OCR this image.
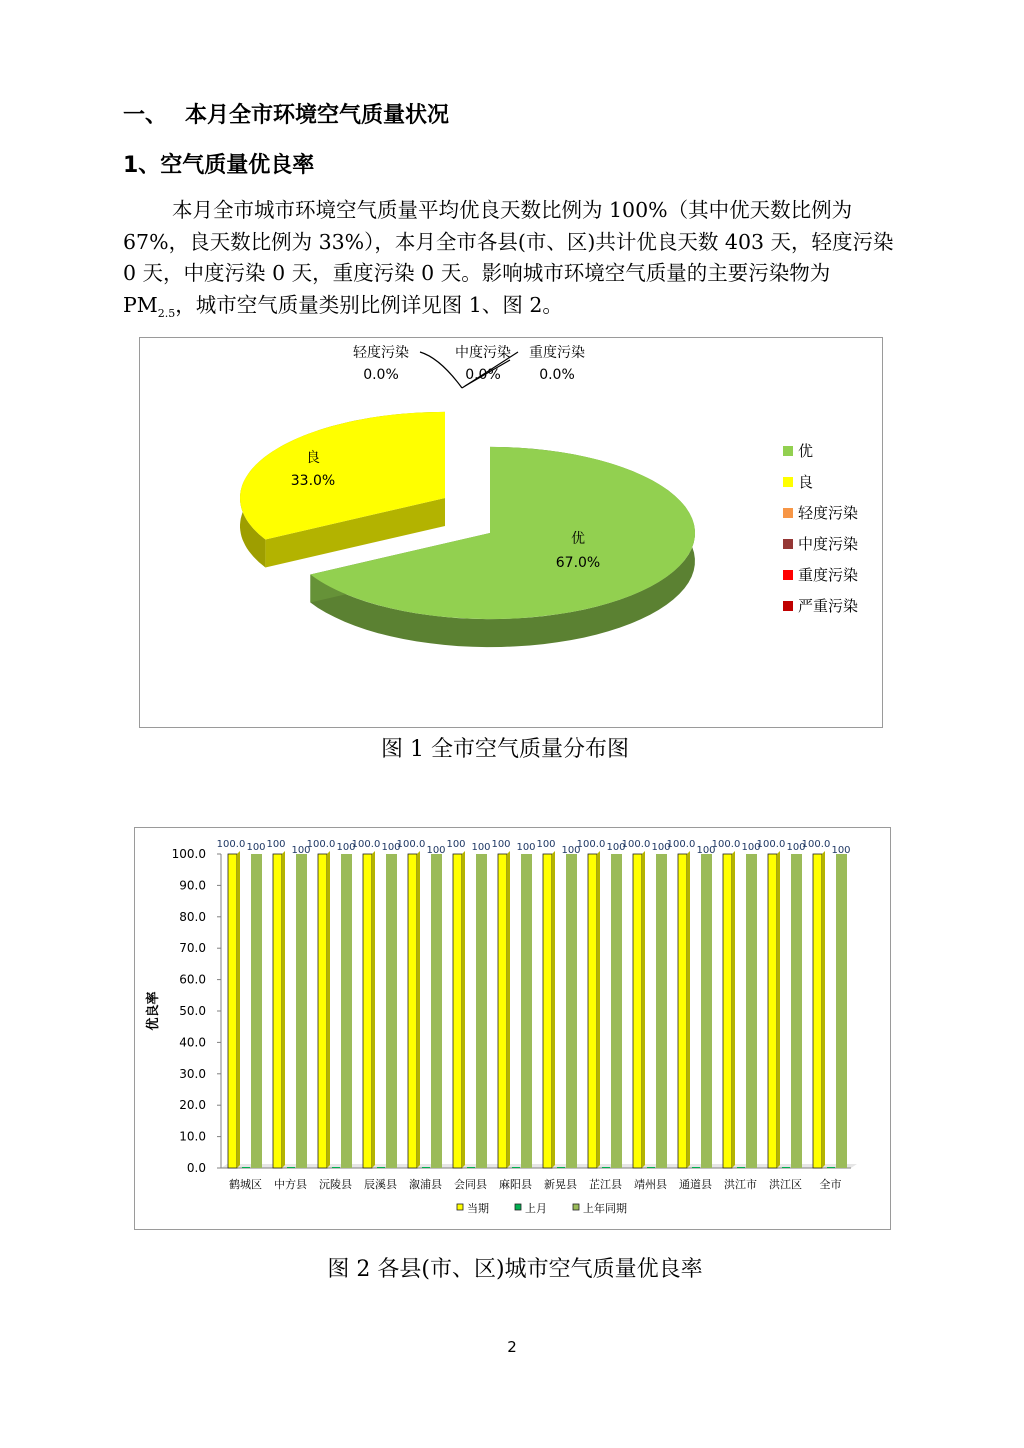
一、 本月全市环境空气质量状况
1、空气质量优良率

本月全市城市环境空气质量平均优良天数比例为 100%（其中优天数比例为 67%，良天数比例为 33%），本月全市各县(市、区)共计优良天数 403 天，轻度污染 0 天，中度污染 0 天，重度污染 0 天。影响城市环境空气质量的主要污染物为 $PM_{2.5}$，城市空气质量类别比例详见图 1、图 2。

优
67.0%
良
33.0%
轻度污染
0.0%
中度污染
0.0%
重度污染
0.0%
优
良
轻度污染
中度污染
重度污染
严重污染
图 1 全市空气质量分布图
0.0
10.0
20.0
30.0
40.0
50.0
60.0
70.0
80.0
90.0
100.0
优良率
鹤城区
100.0 100
中方县
100
100
沅陵县
100.0 100
辰溪县
100.0 100
溆浦县
100.0
100
会同县
100 100
麻阳县
100 100
新晃县
100
100
芷江县
100.0 100
靖州县
100.0 100
通道县
100.0
100
洪江市
100.0 100
洪江区
100.0 100
全市
100.0
100
当期	上月	上年同期
图 2 各县(市、区)城市空气质量优良率
2
